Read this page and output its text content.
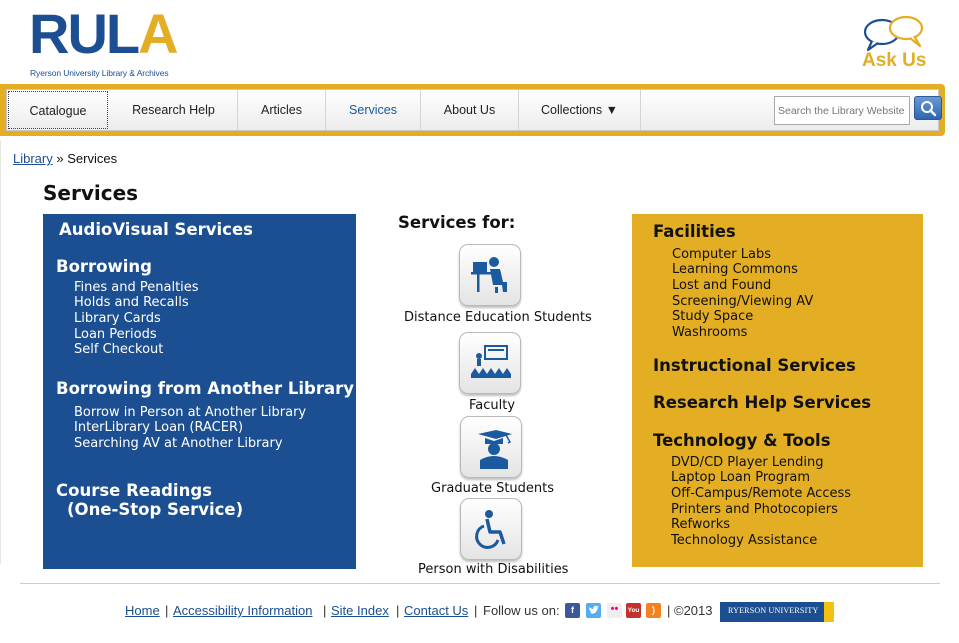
RULA
Ryerson University Library & Archives
Ask Us
Catalogue	Research Help	Articles	Services	About Us	Collections ▼
Search the Library Website
Library » Services
Services
AudioVisual Services
Borrowing
Fines and Penalties
Holds and Recalls
Library Cards
Loan Periods
Self Checkout
Borrowing from Another Library
Borrow in Person at Another Library
InterLibrary Loan (RACER)
Searching AV at Another Library
Course Readings
(One-Stop Service)
Services for:
Distance Education Students
Faculty
Graduate Students
Person with Disabilities
Facilities
Computer Labs
Learning Commons
Lost and Found
Screening/Viewing AV
Study Space
Washrooms
Instructional Services
Research Help Services
Technology & Tools
DVD/CD Player Lending
Laptop Loan Program
Off-Campus/Remote Access
Printers and Photocopiers
Refworks
Technology Assistance
Home | Accessibility Information | Site Index | Contact Us | Follow us on:	| ©2013
f	••	You	)	RYERSON UNIVERSITY
